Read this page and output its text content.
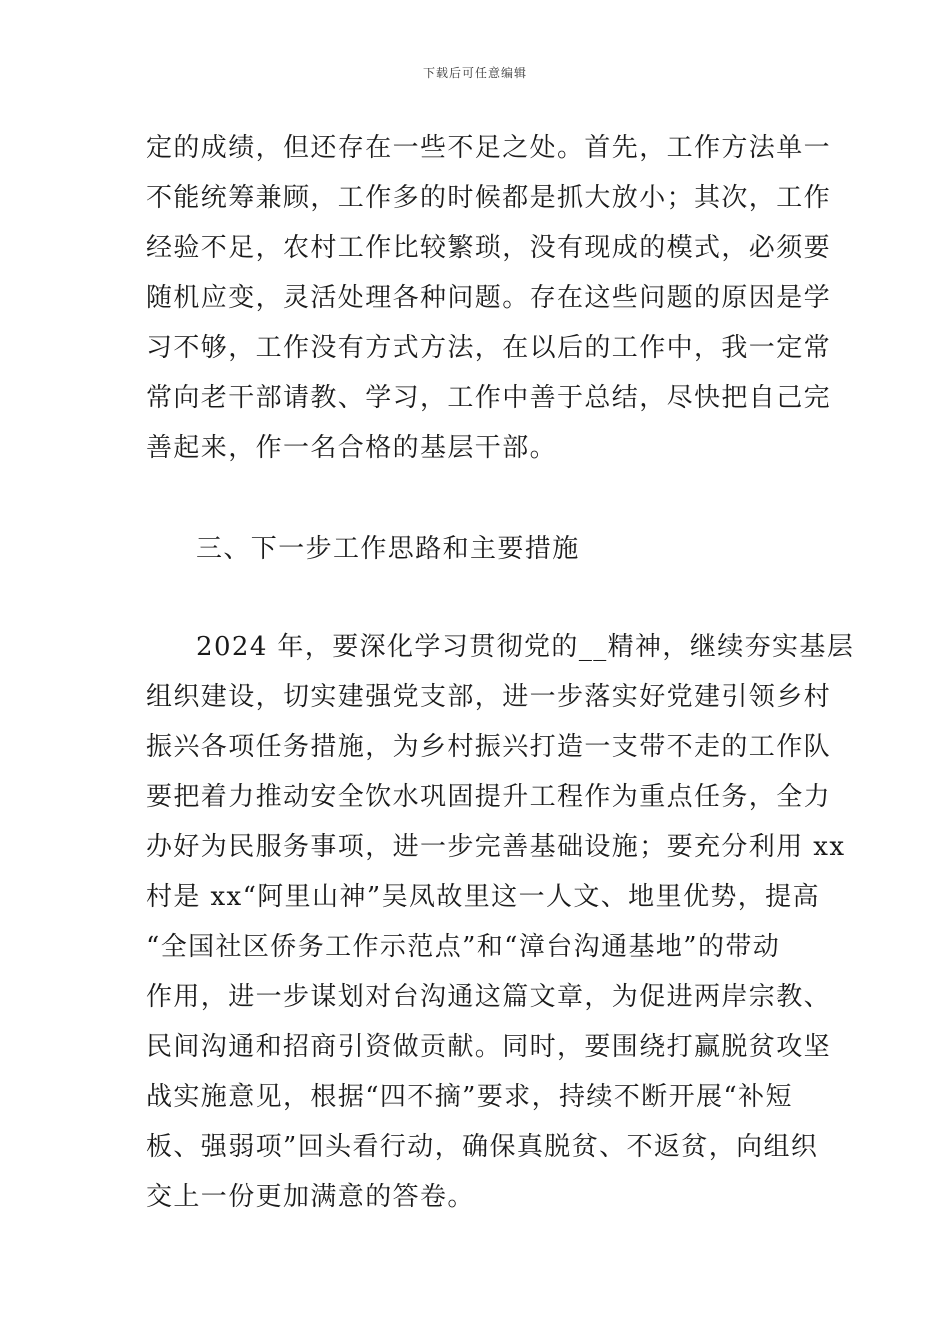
下载后可任意编辑
定的成绩，但还存在一些不足之处。首先，工作方法单一
不能统筹兼顾，工作多的时候都是抓大放小；其次，工作
经验不足，农村工作比较繁琐，没有现成的模式，必须要
随机应变，灵活处理各种问题。存在这些问题的原因是学
习不够，工作没有方式方法，在以后的工作中，我一定常
常向老干部请教、学习，工作中善于总结，尽快把自己完
善起来，作一名合格的基层干部。
三、下一步工作思路和主要措施
2024 年，要深化学习贯彻党的__精神，继续夯实基层
组织建设，切实建强党支部，进一步落实好党建引领乡村
振兴各项任务措施，为乡村振兴打造一支带不走的工作队
要把着力推动安全饮水巩固提升工程作为重点任务，全力
办好为民服务事项，进一步完善基础设施；要充分利用 xx
村是 xx“阿里山神”吴凤故里这一人文、地里优势，提高
“全国社区侨务工作示范点”和“漳台沟通基地”的带动
作用，进一步谋划对台沟通这篇文章，为促进两岸宗教、
民间沟通和招商引资做贡献。同时，要围绕打赢脱贫攻坚
战实施意见，根据“四不摘”要求，持续不断开展“补短
板、强弱项”回头看行动，确保真脱贫、不返贫，向组织
交上一份更加满意的答卷。
